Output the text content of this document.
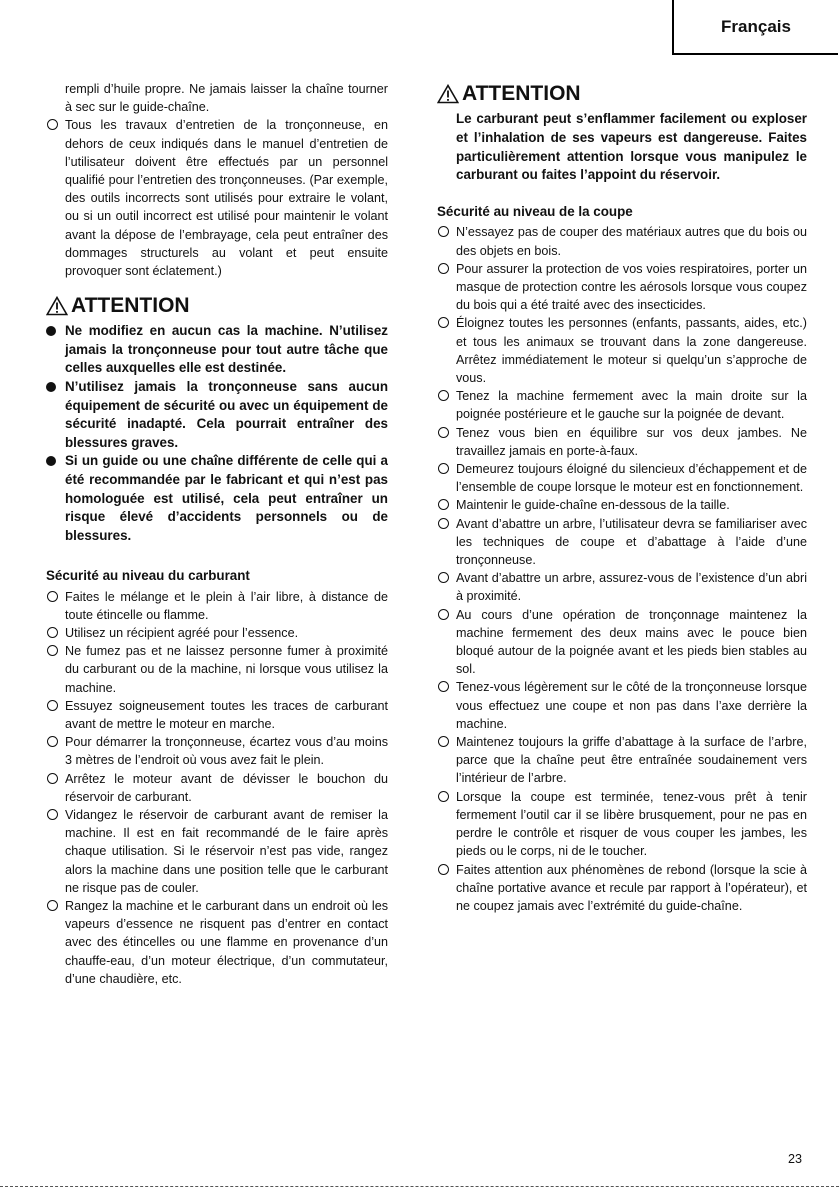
Français

rempli d’huile propre. Ne jamais laisser la chaîne tourner à sec sur le guide-chaîne.

Tous les travaux d’entretien de la tronçonneuse, en dehors de ceux indiqués dans le manuel d’entretien de l’utilisateur doivent être effectués par un personnel qualifié pour l’entretien des tronçonneuses. (Par exemple, des outils incorrects sont utilisés pour extraire le volant, ou si un outil incorrect est utilisé pour maintenir le volant avant la dépose de l’embrayage, cela peut entraîner des dommages structurels au volant et peut ensuite provoquer sont éclatement.)
ATTENTION
Ne modifiez en aucun cas la machine. N’utilisez jamais la tronçonneuse pour tout autre tâche que celles auxquelles elle est destinée.
N’utilisez jamais la tronçonneuse sans aucun équipement de sécurité ou avec un équipement de sécurité inadapté. Cela pourrait entraîner des blessures graves.
Si un guide ou une chaîne différente de celle qui a été recommandée par le fabricant et qui n’est pas homologuée est utilisé, cela peut entraîner un risque élevé d’accidents personnels ou de blessures.
Sécurité au niveau du carburant
Faites le mélange et le plein à l’air libre, à distance de toute étincelle ou flamme.
Utilisez un récipient agréé pour l’essence.
Ne fumez pas et ne laissez personne fumer à proximité du carburant ou de la machine, ni lorsque vous utilisez la machine.
Essuyez soigneusement toutes les traces de carburant avant de mettre le moteur en marche.
Pour démarrer la tronçonneuse, écartez vous d’au moins 3 mètres de l’endroit où vous avez fait le plein.
Arrêtez le moteur avant de dévisser le bouchon du réservoir de carburant.
Vidangez le réservoir de carburant avant de remiser la machine. Il est en fait recommandé de le faire après chaque utilisation. Si le réservoir n’est pas vide, rangez alors la machine dans une position telle que le carburant ne risque pas de couler.
Rangez la machine et le carburant dans un endroit où les vapeurs d’essence ne risquent pas d’entrer en contact avec des étincelles ou une flamme en provenance d’un chauffe-eau, d’un moteur électrique, d’un commutateur, d’une chaudière, etc.
ATTENTION

Le carburant peut s’enflammer facilement ou exploser et l’inhalation de ses vapeurs est dangereuse. Faites particulièrement attention lorsque vous manipulez le carburant ou faites l’appoint du réservoir.

Sécurité au niveau de la coupe
N’essayez pas de couper des matériaux autres que du bois ou des objets en bois.
Pour assurer la protection de vos voies respiratoires, porter un masque de protection contre les aérosols lorsque vous coupez du bois qui a été traité avec des insecticides.
Éloignez toutes les personnes (enfants, passants, aides, etc.) et tous les animaux se trouvant dans la zone dangereuse. Arrêtez immédiatement le moteur si quelqu’un s’approche de vous.
Tenez la machine fermement avec la main droite sur la poignée postérieure et le gauche sur la poignée de devant.
Tenez vous bien en équilibre sur vos deux jambes. Ne travaillez jamais en porte-à-faux.
Demeurez toujours éloigné du silencieux d’échappement et de l’ensemble de coupe lorsque le moteur est en fonctionnement.
Maintenir le guide-chaîne en-dessous de la taille.
Avant d’abattre un arbre, l’utilisateur devra se familiariser avec les techniques de coupe et d’abattage à l’aide d’une tronçonneuse.
Avant d’abattre un arbre, assurez-vous de l’existence d’un abri à proximité.
Au cours d’une opération de tronçonnage maintenez la machine fermement des deux mains avec le pouce bien bloqué autour de la poignée avant et les pieds bien stables au sol.
Tenez-vous légèrement sur le côté de la tronçonneuse lorsque vous effectuez une coupe et non pas dans l’axe derrière la machine.
Maintenez toujours la griffe d’abattage à la surface de l’arbre, parce que la chaîne peut être entraînée soudainement vers l’intérieur de l’arbre.
Lorsque la coupe est terminée, tenez-vous prêt à tenir fermement l’outil car il se libère brusquement, pour ne pas en perdre le contrôle et risquer de vous couper les jambes, les pieds ou le corps, ni de le toucher.
Faites attention aux phénomènes de rebond (lorsque la scie à chaîne portative avance et recule par rapport à l’opérateur), et ne coupez jamais avec l’extrémité du guide-chaîne.
23
